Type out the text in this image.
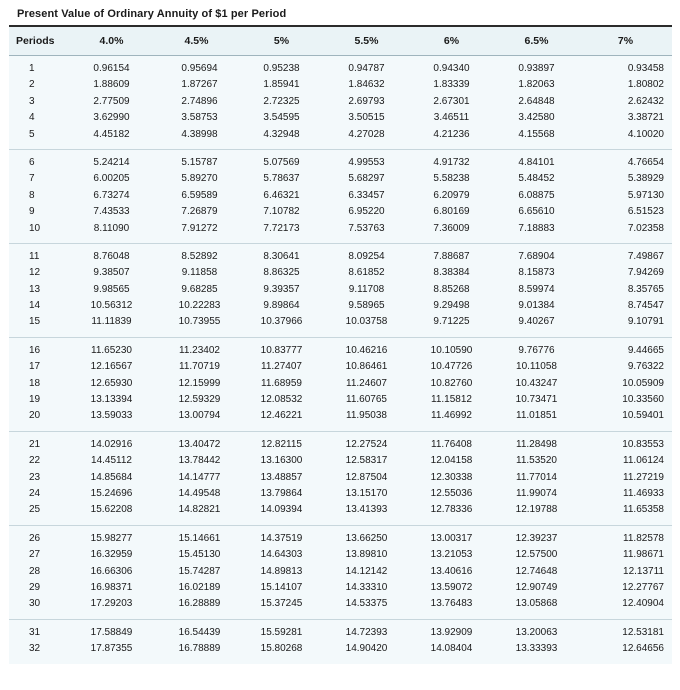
Present Value of Ordinary Annuity of $1 per Period
Periods	4.0%	4.5%	5%	5.5%	6%	6.5%	7%
1	0.96154	0.95694	0.95238	0.94787	0.94340	0.93897	0.93458
2	1.88609	1.87267	1.85941	1.84632	1.83339	1.82063	1.80802
3	2.77509	2.74896	2.72325	2.69793	2.67301	2.64848	2.62432
4	3.62990	3.58753	3.54595	3.50515	3.46511	3.42580	3.38721
5	4.45182	4.38998	4.32948	4.27028	4.21236	4.15568	4.10020
6	5.24214	5.15787	5.07569	4.99553	4.91732	4.84101	4.76654
7	6.00205	5.89270	5.78637	5.68297	5.58238	5.48452	5.38929
8	6.73274	6.59589	6.46321	6.33457	6.20979	6.08875	5.97130
9	7.43533	7.26879	7.10782	6.95220	6.80169	6.65610	6.51523
10	8.11090	7.91272	7.72173	7.53763	7.36009	7.18883	7.02358
11	8.76048	8.52892	8.30641	8.09254	7.88687	7.68904	7.49867
12	9.38507	9.11858	8.86325	8.61852	8.38384	8.15873	7.94269
13	9.98565	9.68285	9.39357	9.11708	8.85268	8.59974	8.35765
14	10.56312	10.22283	9.89864	9.58965	9.29498	9.01384	8.74547
15	11.11839	10.73955	10.37966	10.03758	9.71225	9.40267	9.10791
16	11.65230	11.23402	10.83777	10.46216	10.10590	9.76776	9.44665
17	12.16567	11.70719	11.27407	10.86461	10.47726	10.11058	9.76322
18	12.65930	12.15999	11.68959	11.24607	10.82760	10.43247	10.05909
19	13.13394	12.59329	12.08532	11.60765	11.15812	10.73471	10.33560
20	13.59033	13.00794	12.46221	11.95038	11.46992	11.01851	10.59401
21	14.02916	13.40472	12.82115	12.27524	11.76408	11.28498	10.83553
22	14.45112	13.78442	13.16300	12.58317	12.04158	11.53520	11.06124
23	14.85684	14.14777	13.48857	12.87504	12.30338	11.77014	11.27219
24	15.24696	14.49548	13.79864	13.15170	12.55036	11.99074	11.46933
25	15.62208	14.82821	14.09394	13.41393	12.78336	12.19788	11.65358
26	15.98277	15.14661	14.37519	13.66250	13.00317	12.39237	11.82578
27	16.32959	15.45130	14.64303	13.89810	13.21053	12.57500	11.98671
28	16.66306	15.74287	14.89813	14.12142	13.40616	12.74648	12.13711
29	16.98371	16.02189	15.14107	14.33310	13.59072	12.90749	12.27767
30	17.29203	16.28889	15.37245	14.53375	13.76483	13.05868	12.40904
31	17.58849	16.54439	15.59281	14.72393	13.92909	13.20063	12.53181
32	17.87355	16.78889	15.80268	14.90420	14.08404	13.33393	12.64656
